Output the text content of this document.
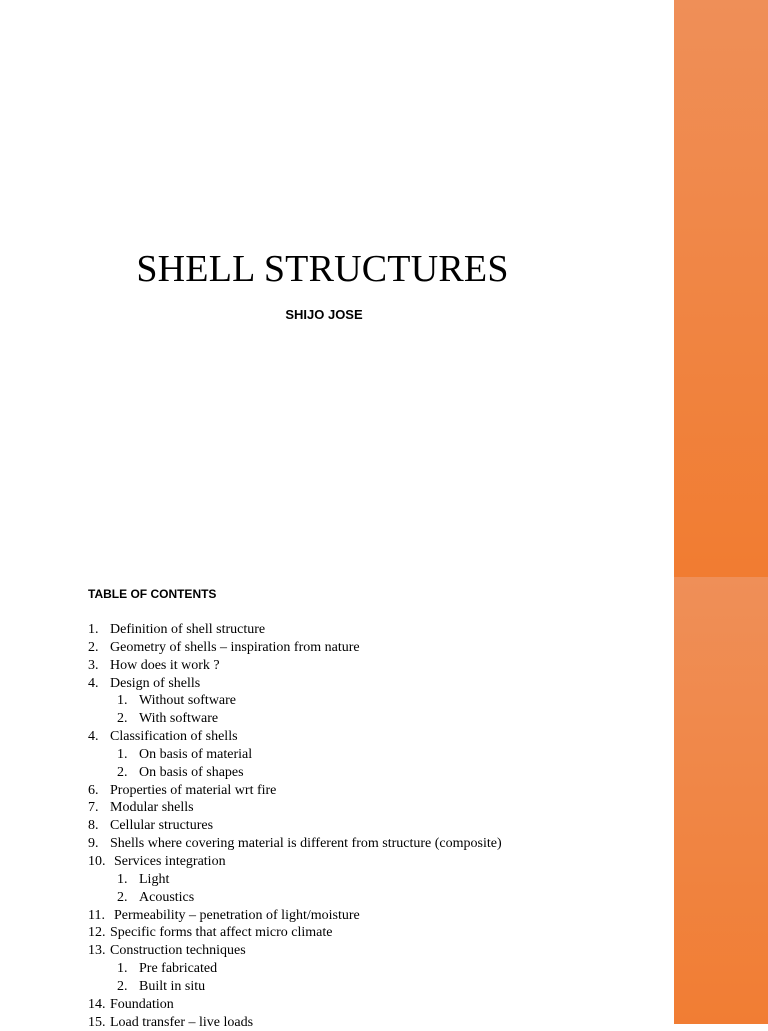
SHELL STRUCTURES
SHIJO JOSE
TABLE OF CONTENTS
1. Definition of shell structure
2. Geometry of shells – inspiration from nature
3. How does it work ?
4. Design of shells
1. Without software
2. With software
4. Classification of shells
1. On basis of material
2. On basis of shapes
6. Properties of material wrt fire
7. Modular shells
8. Cellular structures
9. Shells where covering material is different from structure (composite)
10. Services integration
1. Light
2. Acoustics
11. Permeability – penetration of light/moisture
12. Specific forms that affect micro climate
13. Construction techniques
1. Pre fabricated
2. Built in situ
14. Foundation
15. Load transfer – live loads
